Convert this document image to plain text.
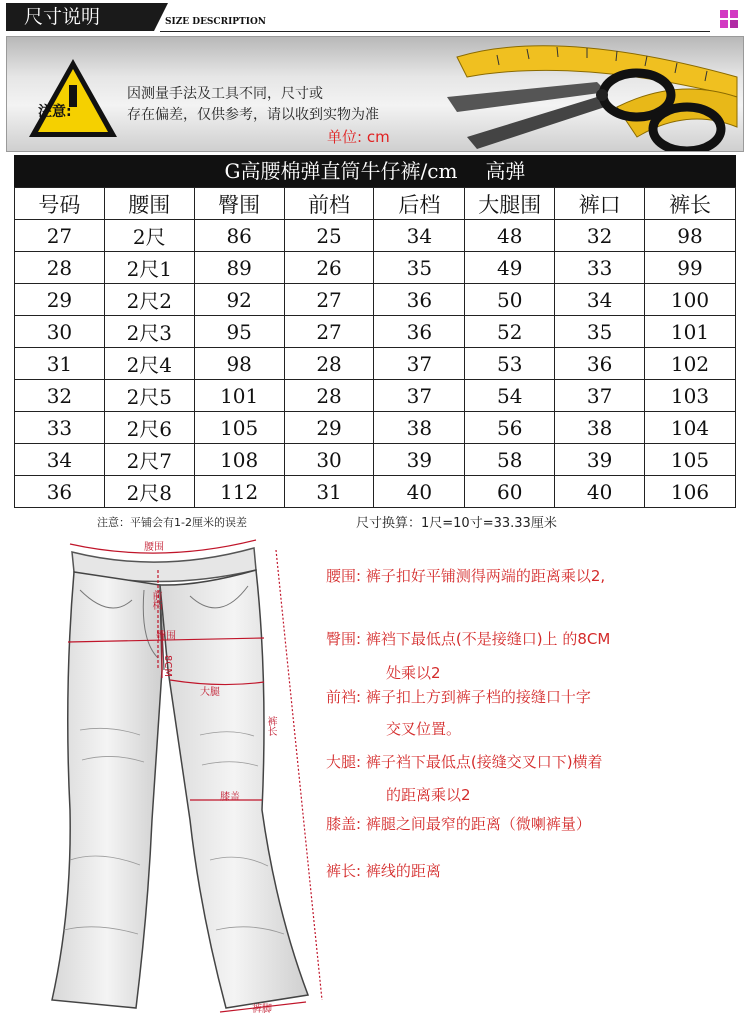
尺寸说明	SIZE DESCRIPTION
注意:
因测量手法及工具不同，尺寸或
存在偏差，仅供参考，请以收到实物为准
单位: cm
G高腰棉弹直筒牛仔裤/cm 高弹
号码	腰围	臀围	前档	后档	大腿围	裤口	裤长
27	2尺	86	25	34	48	32	98
28	2尺1	89	26	35	49	33	99
29	2尺2	92	27	36	50	34	100
30	2尺3	95	27	36	52	35	101
31	2尺4	98	28	37	53	36	102
32	2尺5	101	28	37	54	37	103
33	2尺6	105	29	38	56	38	104
34	2尺7	108	30	39	58	39	105
36	2尺8	112	31	40	60	40	106
注意：平铺会有1-2厘米的误差	尺寸换算：1尺=10寸=33.33厘米
腰围
前档
臀围
8CM
大腿
膝盖
裤长
裤脚
腰围: 裤子扣好平铺测得两端的距离乘以2,
臀围: 裤裆下最低点(不是接缝口)上 的8CM
处乘以2
前裆: 裤子扣上方到裤子档的接缝口十字
交叉位置。
大腿: 裤子裆下最低点(接缝交叉口下)横着
的距离乘以2
膝盖: 裤腿之间最窄的距离（微喇裤量）
裤长: 裤线的距离
